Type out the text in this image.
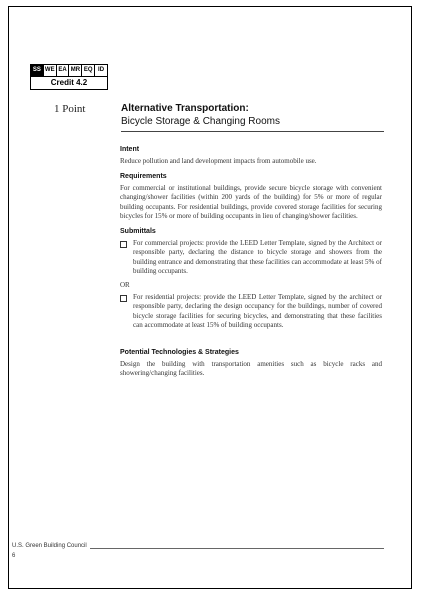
SS WE EA MR EQ ID
Credit 4.2
1 Point	Alternative Transportation:
Bicycle Storage & Changing Rooms
Intent

Reduce pollution and land development impacts from automobile use.

Requirements

For commercial or institutional buildings, provide secure bicycle storage with convenient changing/shower facilities (within 200 yards of the building) for 5% or more of regular building occupants. For residential buildings, provide covered storage facilities for securing bicycles for 15% or more of building occupants in lieu of changing/shower facilities.

Submittals
For commercial projects: provide the LEED Letter Template, signed by the Architect or responsible party, declaring the distance to bicycle storage and showers from the building entrance and demonstrating that these facilities can accommodate at least 5% of building occupants.

OR

For residential projects: provide the LEED Letter Template, signed by the architect or responsible party, declaring the design occupancy for the buildings, number of covered bicycle storage facilities for securing bicycles, and demonstrating that these facilities can accommodate at least 15% of building occupants.
Potential Technologies & Strategies

Design the building with transportation amenities such as bicycle racks and showering/changing facilities.

U.S. Green Building Council
6
